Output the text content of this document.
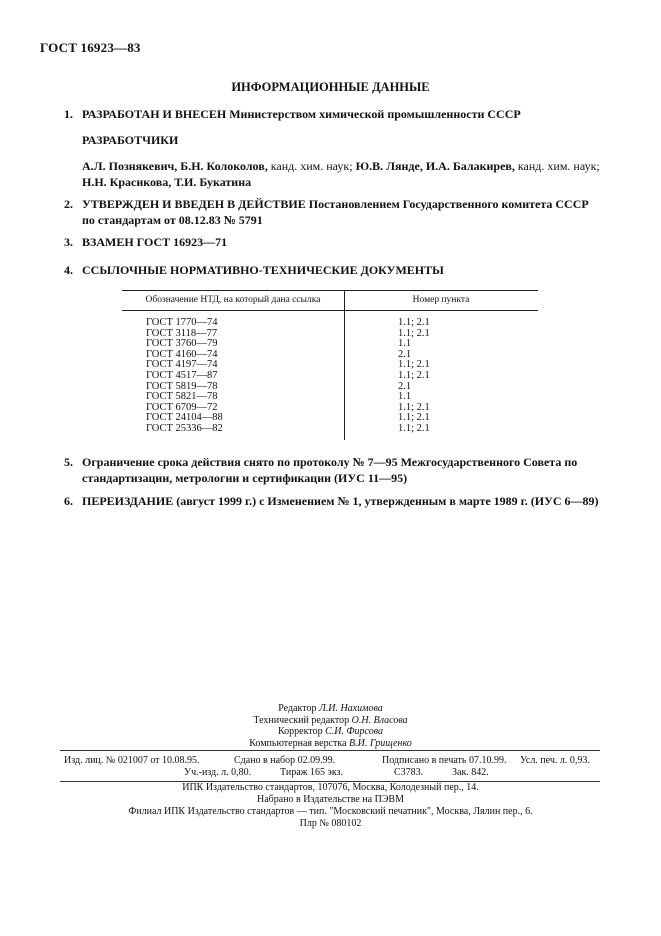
ГОСТ 16923—83
ИНФОРМАЦИОННЫЕ ДАННЫЕ
1. РАЗРАБОТАН И ВНЕСЕН Министерством химической промышленности СССР
РАЗРАБОТЧИКИ
А.Л. Познякевич, Б.Н. Колоколов, канд. хим. наук; Ю.В. Лянде, И.А. Балакирев, канд. хим. наук; Н.Н. Красикова, Т.И. Букатина
2. УТВЕРЖДЕН И ВВЕДЕН В ДЕЙСТВИЕ Постановлением Государственного комитета СССР по стандартам от 08.12.83 № 5791
3. ВЗАМЕН ГОСТ 16923—71
4. ССЫЛОЧНЫЕ НОРМАТИВНО-ТЕХНИЧЕСКИЕ ДОКУМЕНТЫ
Обозначение НТД, на который дана ссылка	Номер пункта
ГОСТ 1770—74	1.1; 2.1
ГОСТ 3118—77	1.1; 2.1
ГОСТ 3760—79	1.1
ГОСТ 4160—74	2.1
ГОСТ 4197—74	1.1; 2.1
ГОСТ 4517—87	1.1; 2.1
ГОСТ 5819—78	2.1
ГОСТ 5821—78	1.1
ГОСТ 6709—72	1.1; 2.1
ГОСТ 24104—88	1.1; 2.1
ГОСТ 25336—82	1.1; 2.1
5. Ограничение срока действия снято по протоколу № 7—95 Межгосударственного Совета по стандартизации, метрологии и сертификации (ИУС 11—95)
6. ПЕРЕИЗДАНИЕ (август 1999 г.) с Изменением № 1, утвержденным в марте 1989 г. (ИУС 6—89)
Редактор Л.И. Нахимова
Технический редактор О.Н. Власова
Корректор С.И. Фирсова
Компьютерная верстка В.И. Грищенко
Изд. лиц. № 021007 от 10.08.95.	Сдано в набор 02.09.99.	Подписано в печать 07.10.99. Усл. печ. л. 0,93.
Уч.-изд. л. 0,80.	Тираж 165 экз.	С3783.	Зак. 842.
ИПК Издательство стандартов, 107076, Москва, Колодезный пер., 14.
Набрано в Издательстве на ПЭВМ
Филиал ИПК Издательство стандартов — тип. "Московский печатник", Москва, Лялин пер., 6.
Плр № 080102
